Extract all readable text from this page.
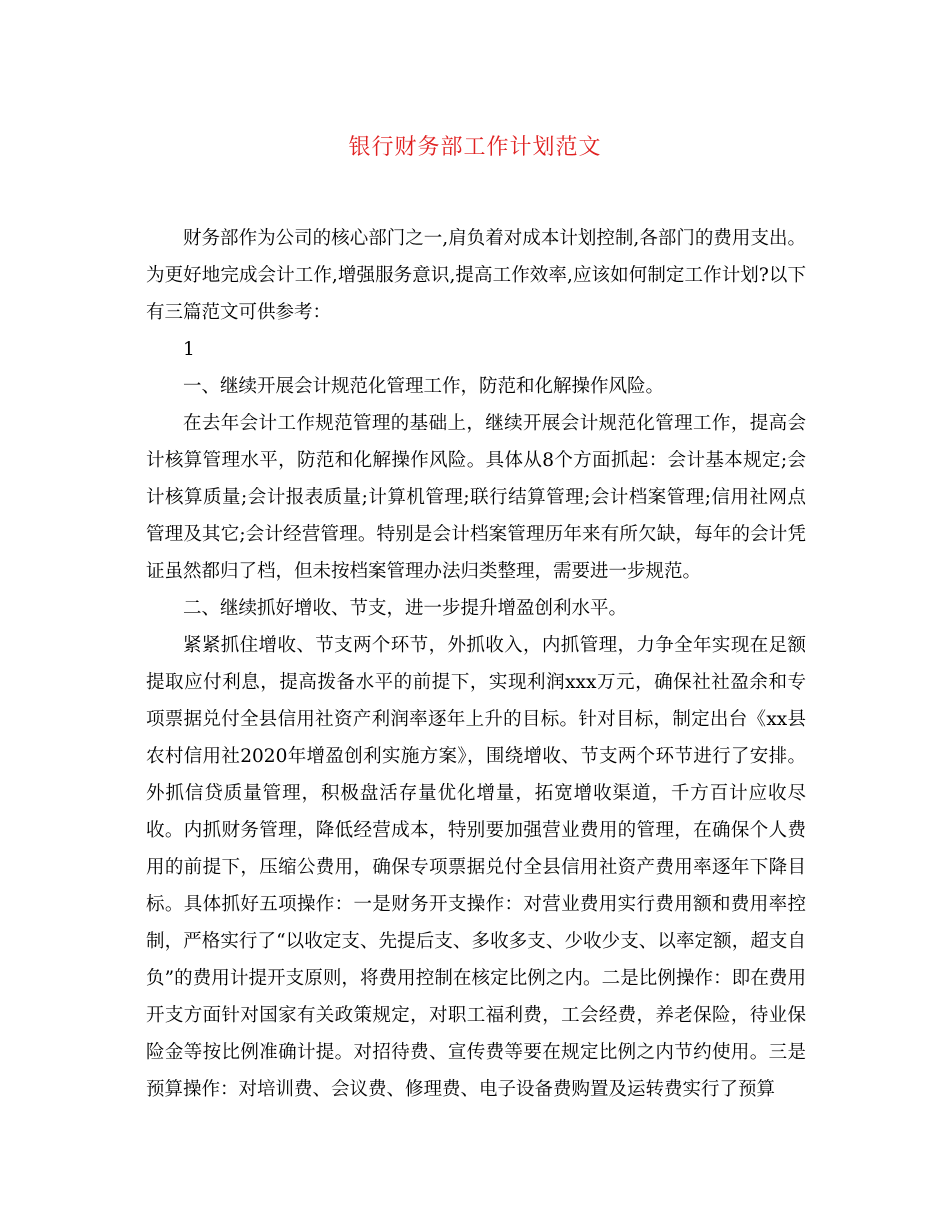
银行财务部工作计划范文

财务部作为公司的核心部门之一,肩负着对成本计划控制,各部门的费用支出。为更好地完成会计工作,增强服务意识,提高工作效率,应该如何制定工作计划?以下有三篇范文可供参考：

1

一、继续开展会计规范化管理工作，防范和化解操作风险。

在去年会计工作规范管理的基础上，继续开展会计规范化管理工作，提高会计核算管理水平，防范和化解操作风险。具体从8个方面抓起：会计基本规定;会计核算质量;会计报表质量;计算机管理;联行结算管理;会计档案管理;信用社网点管理及其它;会计经营管理。特别是会计档案管理历年来有所欠缺，每年的会计凭证虽然都归了档，但未按档案管理办法归类整理，需要进一步规范。

二、继续抓好增收、节支，进一步提升增盈创利水平。

紧紧抓住增收、节支两个环节，外抓收入，内抓管理，力争全年实现在足额提取应付利息，提高拨备水平的前提下，实现利润xxx万元，确保社社盈余和专项票据兑付全县信用社资产利润率逐年上升的目标。针对目标，制定出台《xx县农村信用社2020年增盈创利实施方案》，围绕增收、节支两个环节进行了安排。外抓信贷质量管理，积极盘活存量优化增量，拓宽增收渠道，千方百计应收尽收。内抓财务管理，降低经营成本，特别要加强营业费用的管理，在确保个人费用的前提下，压缩公费用，确保专项票据兑付全县信用社资产费用率逐年下降目标。具体抓好五项操作：一是财务开支操作：对营业费用实行费用额和费用率控制，严格实行了“以收定支、先提后支、多收多支、少收少支、以率定额，超支自负”的费用计提开支原则，将费用控制在核定比例之内。二是比例操作：即在费用开支方面针对国家有关政策规定，对职工福利费，工会经费，养老保险，待业保险金等按比例准确计提。对招待费、宣传费等要在规定比例之内节约使用。三是预算操作：对培训费、会议费、修理费、电子设备费购置及运转费实行了预算
